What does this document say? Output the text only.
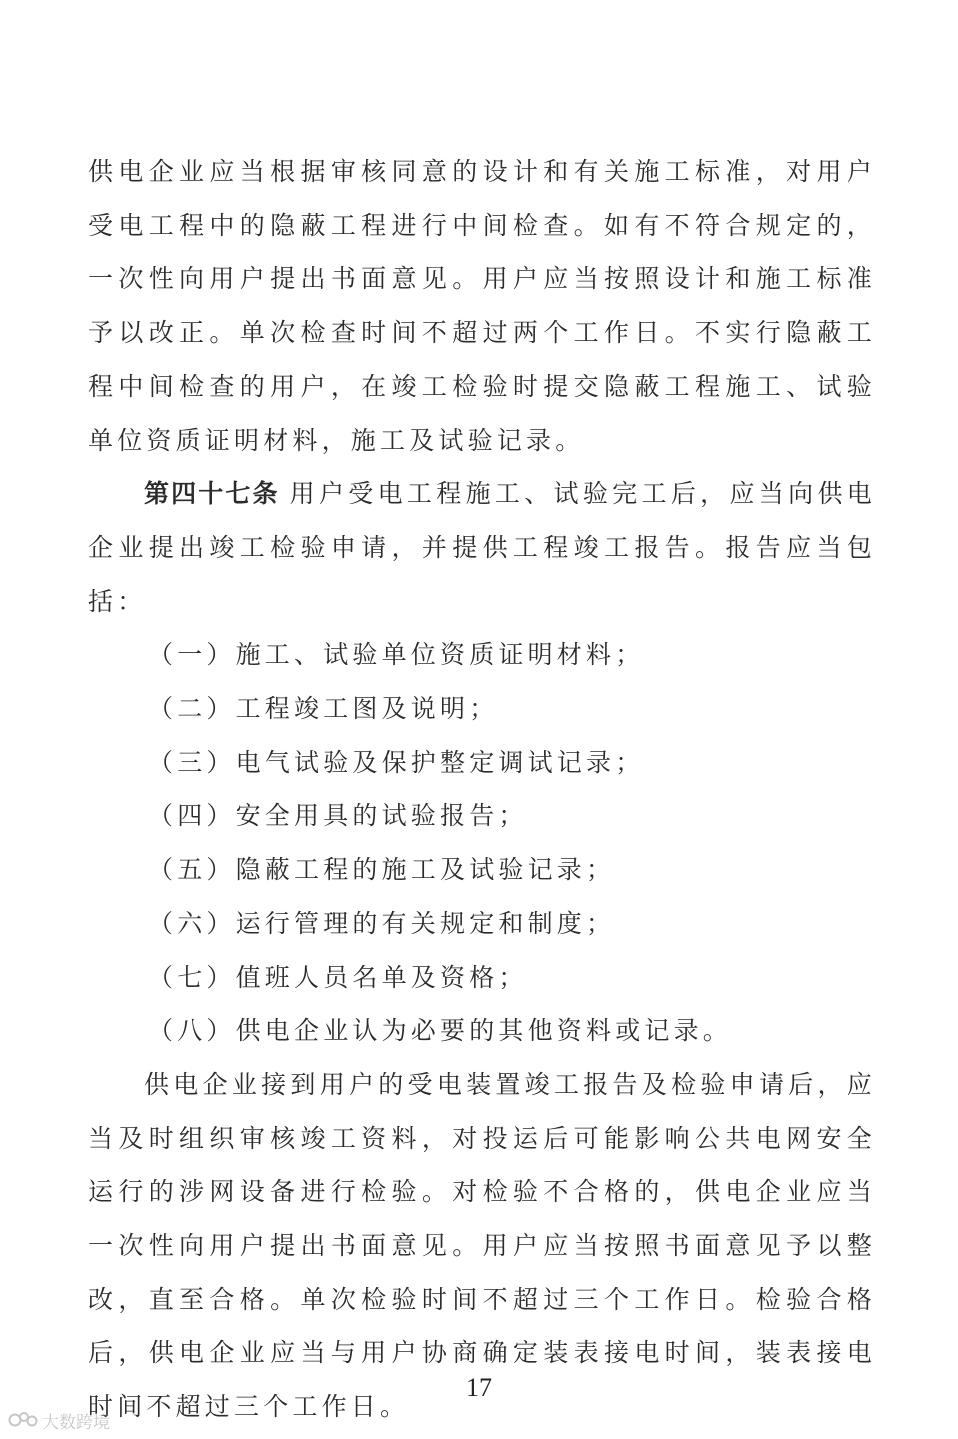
供电企业应当根据审核同意的设计和有关施工标准，对用户受电工程中的隐蔽工程进行中间检查。如有不符合规定的，一次性向用户提出书面意见。用户应当按照设计和施工标准予以改正。单次检查时间不超过两个工作日。不实行隐蔽工程中间检查的用户，在竣工检验时提交隐蔽工程施工、试验单位资质证明材料，施工及试验记录。

第四十七条 用户受电工程施工、试验完工后，应当向供电企业提出竣工检验申请，并提供工程竣工报告。报告应当包括：

（一）施工、试验单位资质证明材料；

（二）工程竣工图及说明；

（三）电气试验及保护整定调试记录；

（四）安全用具的试验报告；

（五）隐蔽工程的施工及试验记录；

（六）运行管理的有关规定和制度；

（七）值班人员名单及资格；

（八）供电企业认为必要的其他资料或记录。

供电企业接到用户的受电装置竣工报告及检验申请后，应当及时组织审核竣工资料，对投运后可能影响公共电网安全运行的涉网设备进行检验。对检验不合格的，供电企业应当一次性向用户提出书面意见。用户应当按照书面意见予以整改，直至合格。单次检验时间不超过三个工作日。检验合格后，供电企业应当与用户协商确定装表接电时间，装表接电时间不超过三个工作日。

17
大数跨境
